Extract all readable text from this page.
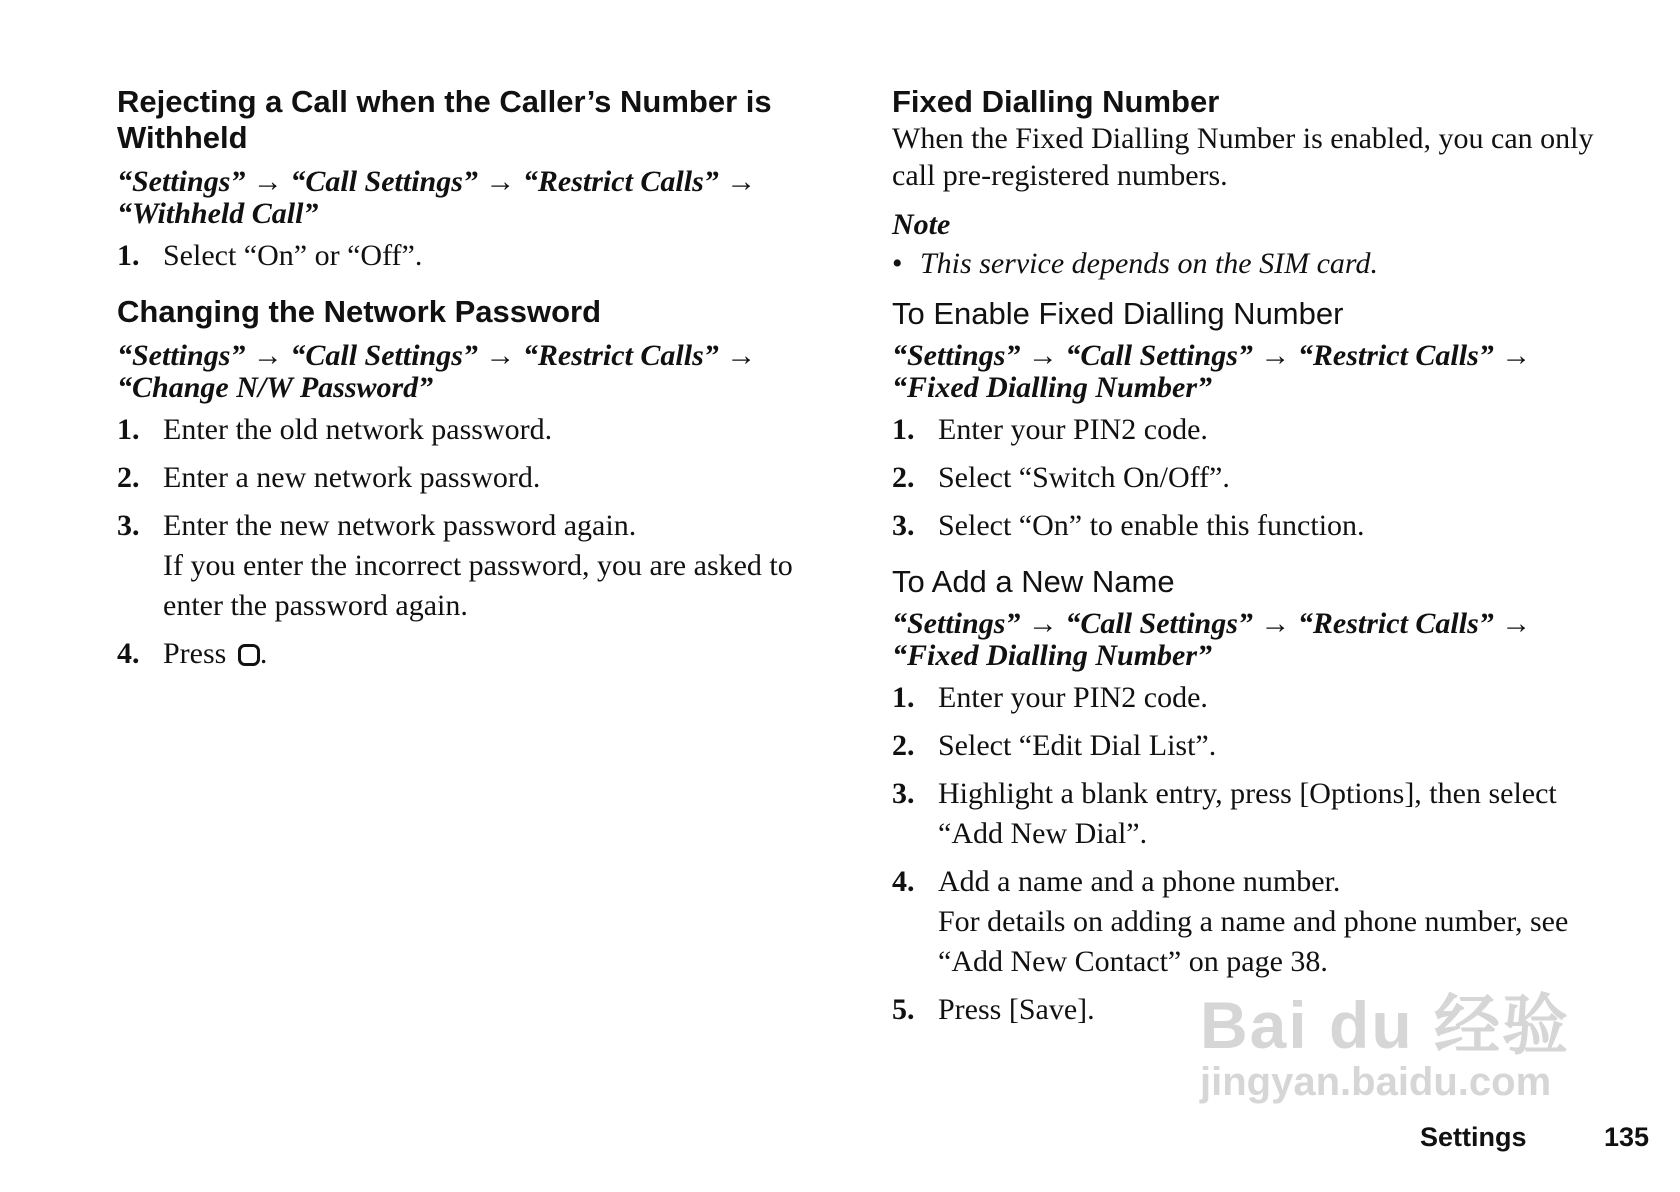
Rejecting a Call when the Caller’s Number is Withheld
“Settings” → “Call Settings” → “Restrict Calls” → “Withheld Call”
1. Select “On” or “Off”.
Changing the Network Password
“Settings” → “Call Settings” → “Restrict Calls” → “Change N/W Password”
1. Enter the old network password.
2. Enter a new network password.
3. Enter the new network password again.
If you enter the incorrect password, you are asked to enter the password again.
4. Press .
Fixed Dialling Number

When the Fixed Dialling Number is enabled, you can only call pre-registered numbers.

Note
• This service depends on the SIM card.
To Enable Fixed Dialling Number
“Settings” → “Call Settings” → “Restrict Calls” → “Fixed Dialling Number”
1. Enter your PIN2 code.
2. Select “Switch On/Off”.
3. Select “On” to enable this function.
To Add a New Name
“Settings” → “Call Settings” → “Restrict Calls” → “Fixed Dialling Number”
1. Enter your PIN2 code.
2. Select “Edit Dial List”.
3. Highlight a blank entry, press [Options], then select “Add New Dial”.
4. Add a name and a phone number.
For details on adding a name and phone number, see “Add New Contact” on page 38.
5. Press [Save].	Bai du 经验
jingyan.baidu.com
Settings	135
